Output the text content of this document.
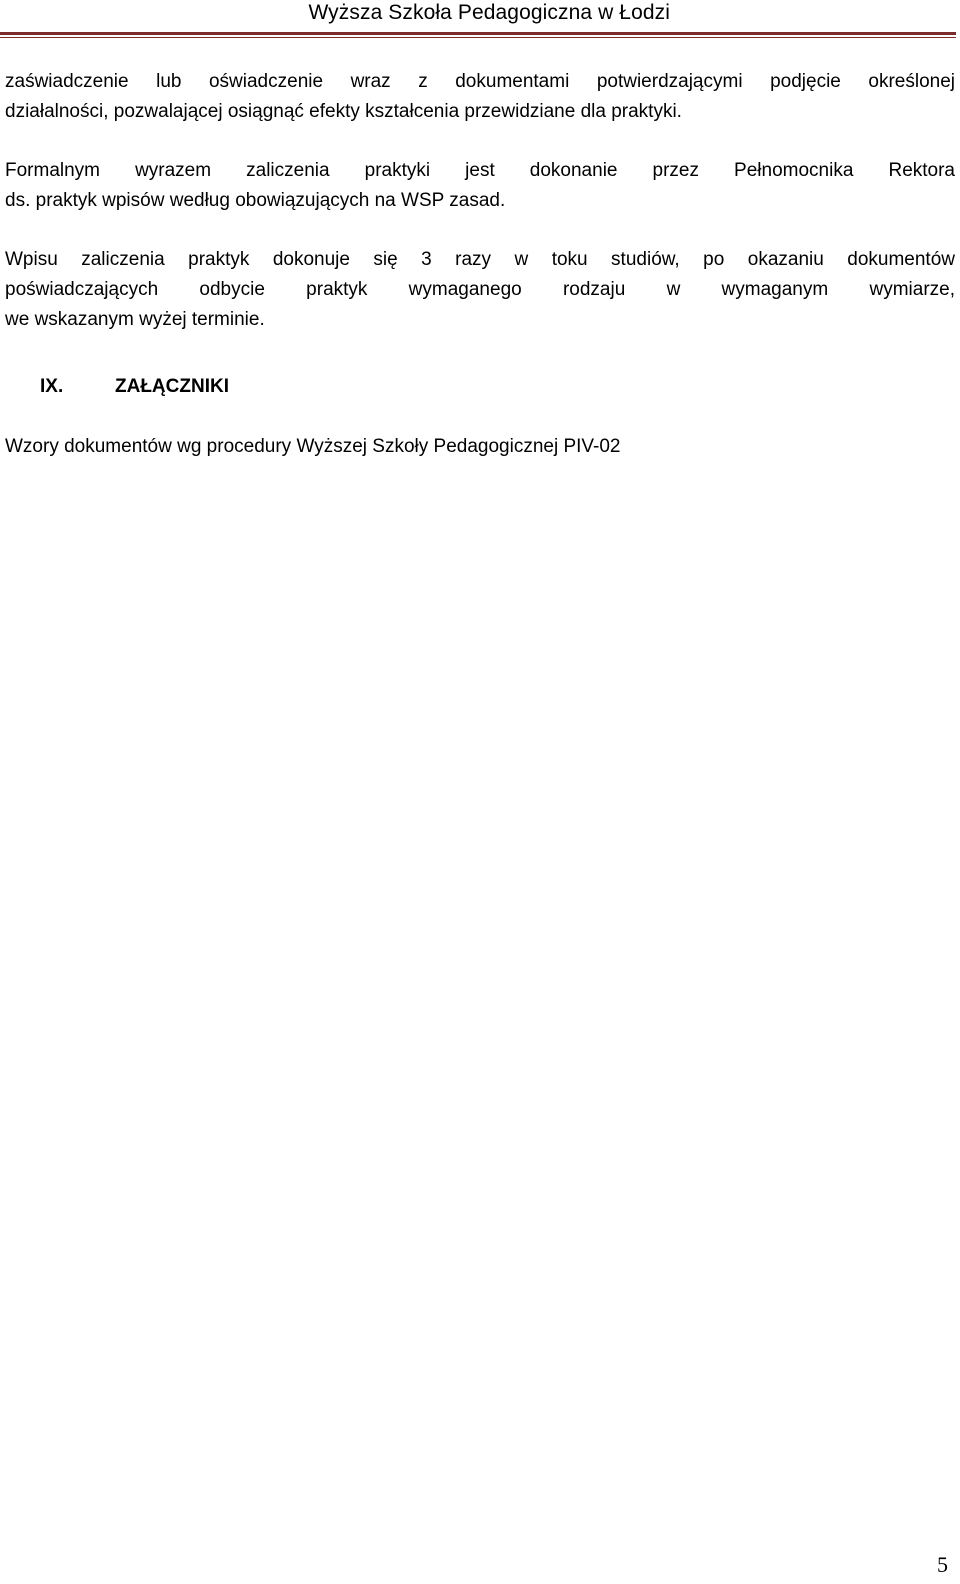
Wyższa Szkoła Pedagogiczna w Łodzi

zaświadczenie lub oświadczenie wraz z dokumentami potwierdzającymi podjęcie określonej
działalności, pozwalającej osiągnąć efekty kształcenia przewidziane dla praktyki.

Formalnym wyrazem zaliczenia praktyki jest dokonanie przez Pełnomocnika Rektora
ds. praktyk wpisów według obowiązujących na WSP zasad.

Wpisu zaliczenia praktyk dokonuje się 3 razy w toku studiów, po okazaniu dokumentów
poświadczających odbycie praktyk wymaganego rodzaju w wymaganym wymiarze,
we wskazanym wyżej terminie.

IX.	ZAŁĄCZNIKI
Wzory dokumentów wg procedury Wyższej Szkoły Pedagogicznej PIV-02
5
